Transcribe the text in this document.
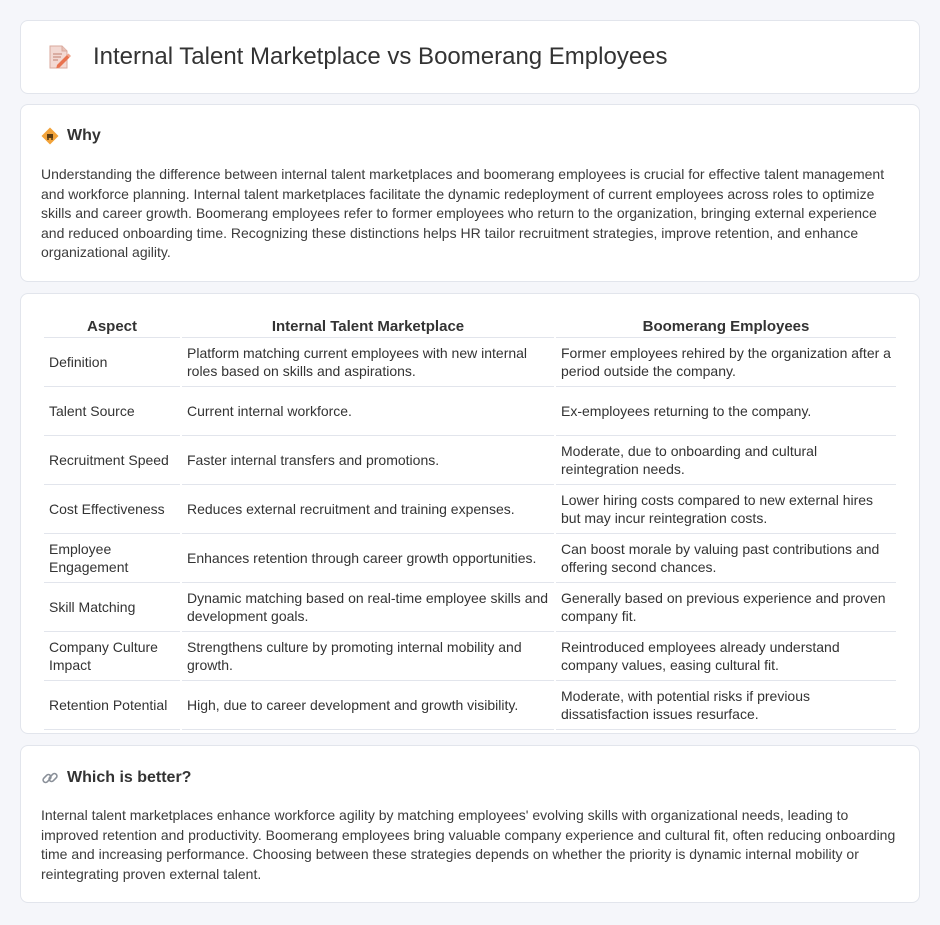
Internal Talent Marketplace vs Boomerang Employees
Why

Understanding the difference between internal talent marketplaces and boomerang employees is crucial for effective talent management and workforce planning. Internal talent marketplaces facilitate the dynamic redeployment of current employees across roles to optimize skills and career growth. Boomerang employees refer to former employees who return to the organization, bringing external experience and reduced onboarding time. Recognizing these distinctions helps HR tailor recruitment strategies, improve retention, and enhance organizational agility.

Aspect	Internal Talent Marketplace	Boomerang Employees
Definition	Platform matching current employees with new internal roles based on skills and aspirations.	Former employees rehired by the organization after a period outside the company.
Talent Source	Current internal workforce.	Ex-employees returning to the company.
Recruitment Speed	Faster internal transfers and promotions.	Moderate, due to onboarding and cultural reintegration needs.
Cost Effectiveness	Reduces external recruitment and training expenses.	Lower hiring costs compared to new external hires but may incur reintegration costs.
Employee Engagement	Enhances retention through career growth opportunities.	Can boost morale by valuing past contributions and offering second chances.
Skill Matching	Dynamic matching based on real-time employee skills and development goals.	Generally based on previous experience and proven company fit.
Company Culture Impact	Strengthens culture by promoting internal mobility and growth.	Reintroduced employees already understand company values, easing cultural fit.
Retention Potential	High, due to career development and growth visibility.	Moderate, with potential risks if previous dissatisfaction issues resurface.
Which is better?

Internal talent marketplaces enhance workforce agility by matching employees' evolving skills with organizational needs, leading to improved retention and productivity. Boomerang employees bring valuable company experience and cultural fit, often reducing onboarding time and increasing performance. Choosing between these strategies depends on whether the priority is dynamic internal mobility or reintegrating proven external talent.
